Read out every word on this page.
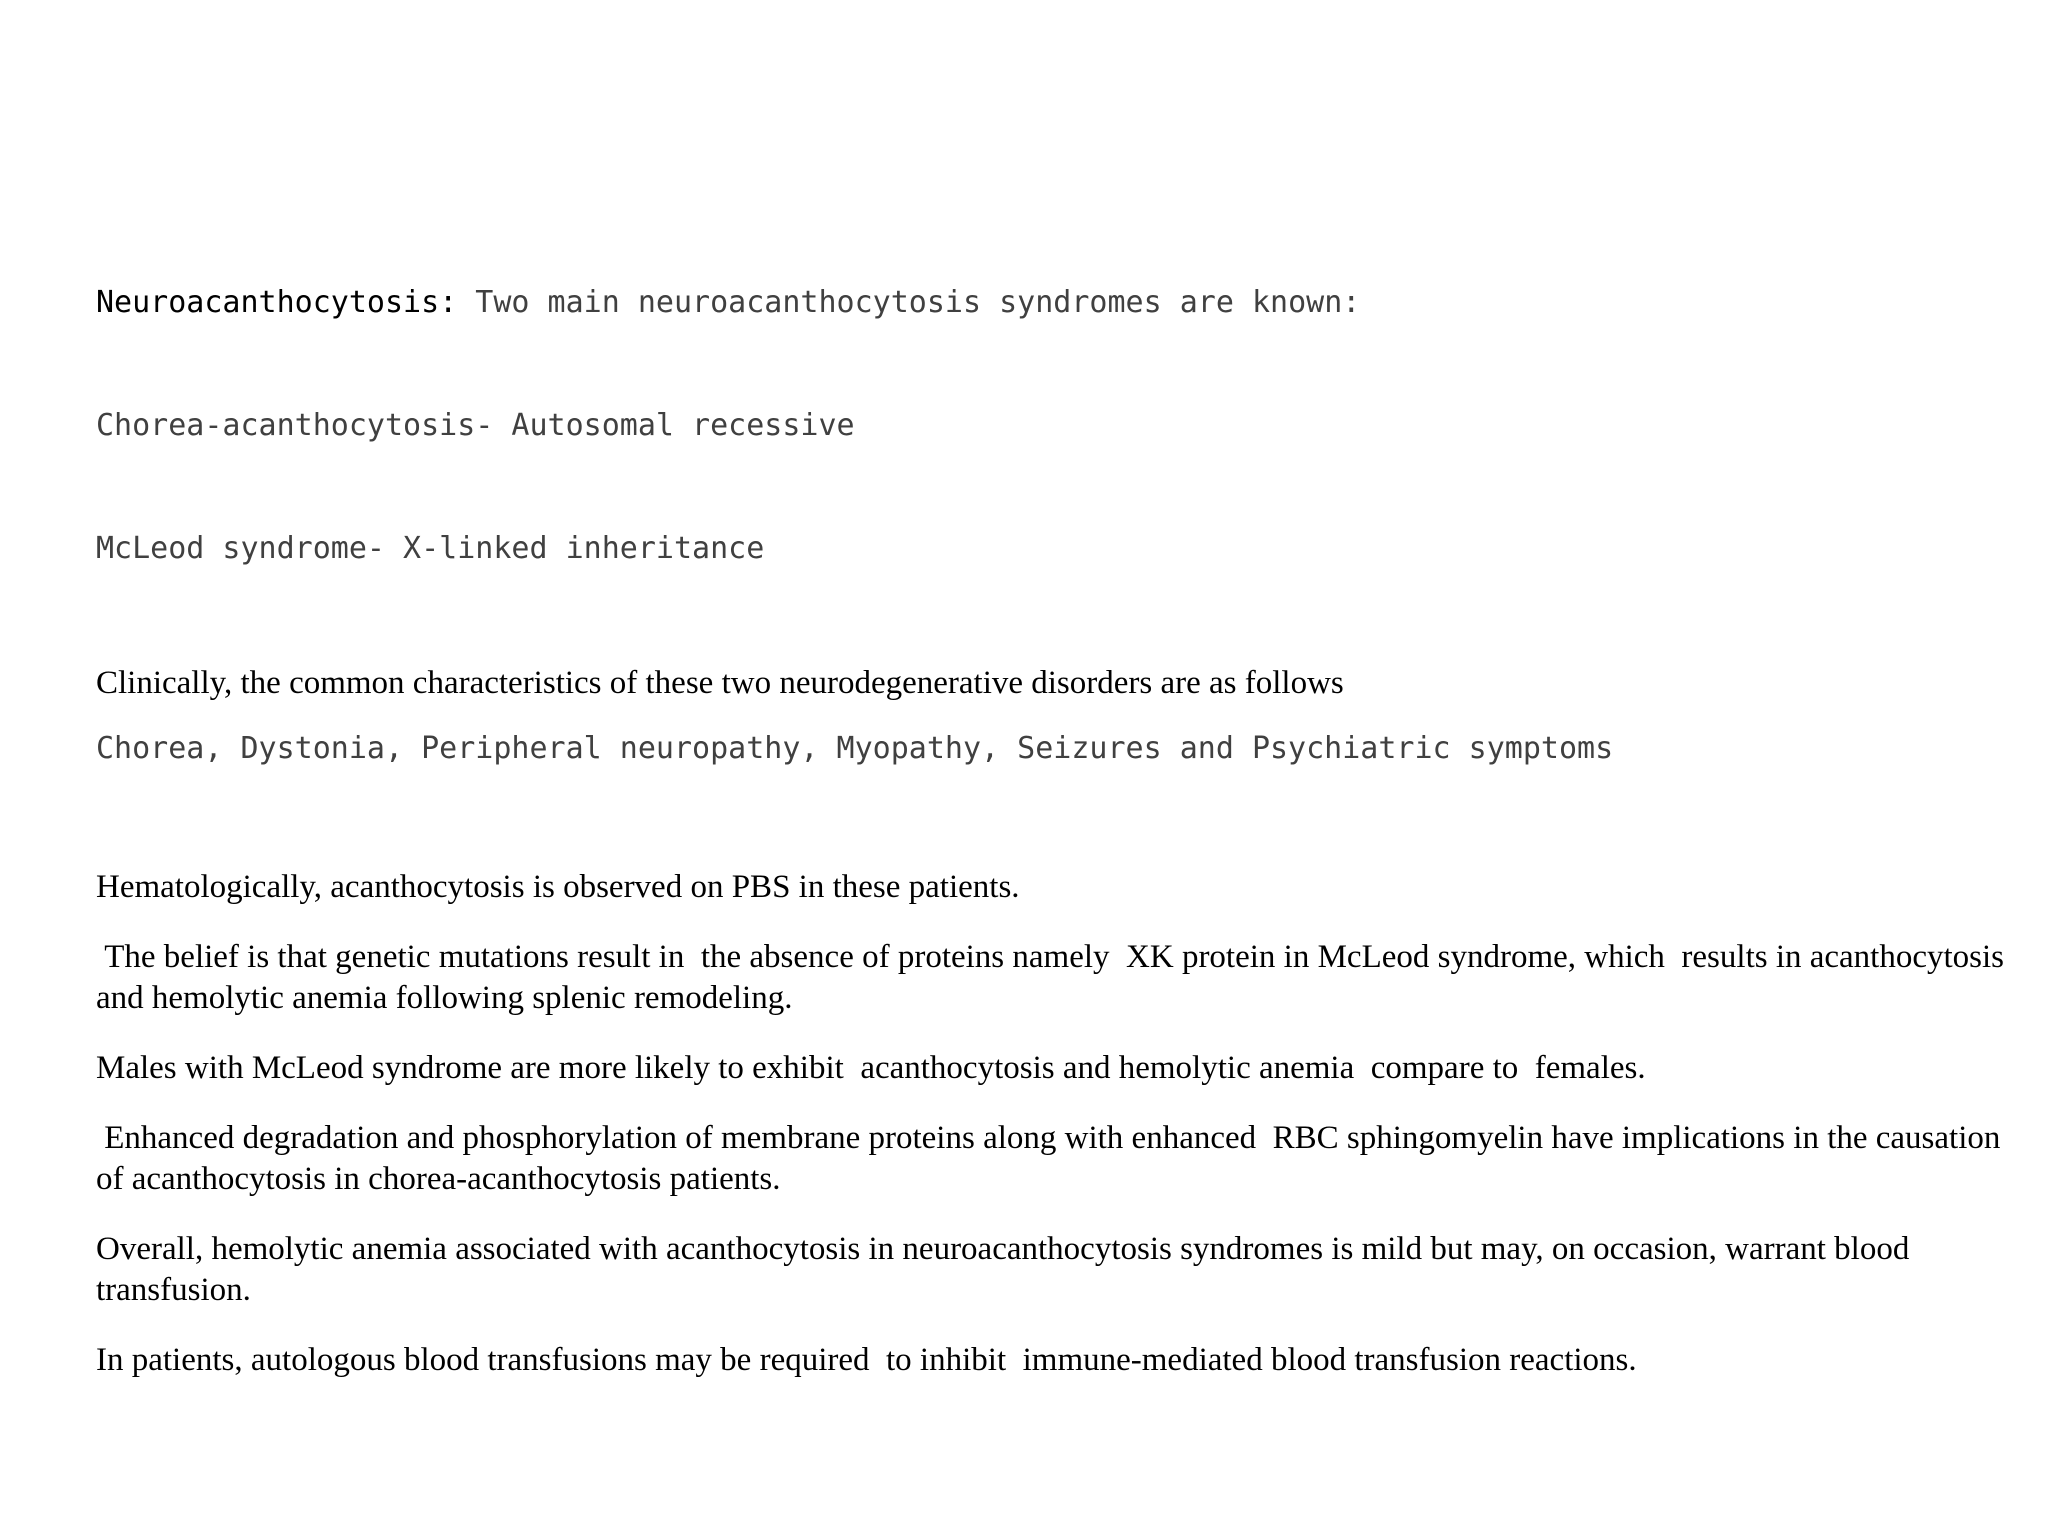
Neuroacanthocytosis: Two main neuroacanthocytosis syndromes are known:

Chorea-acanthocytosis- Autosomal recessive

McLeod syndrome- X-linked inheritance

Clinically, the common characteristics of these two neurodegenerative disorders are as follows

Chorea, Dystonia, Peripheral neuropathy, Myopathy, Seizures and Psychiatric symptoms

Hematologically, acanthocytosis is observed on PBS in these patients.

The belief is that genetic mutations result in  the absence of proteins namely  XK protein in McLeod syndrome, which  results in acanthocytosis and hemolytic anemia following splenic remodeling.

Males with McLeod syndrome are more likely to exhibit  acanthocytosis and hemolytic anemia  compare to  females.

Enhanced degradation and phosphorylation of membrane proteins along with enhanced  RBC sphingomyelin have implications in the causation of acanthocytosis in chorea-acanthocytosis patients.

Overall, hemolytic anemia associated with acanthocytosis in neuroacanthocytosis syndromes is mild but may, on occasion, warrant blood transfusion.

In patients, autologous blood transfusions may be required  to inhibit  immune-mediated blood transfusion reactions.
